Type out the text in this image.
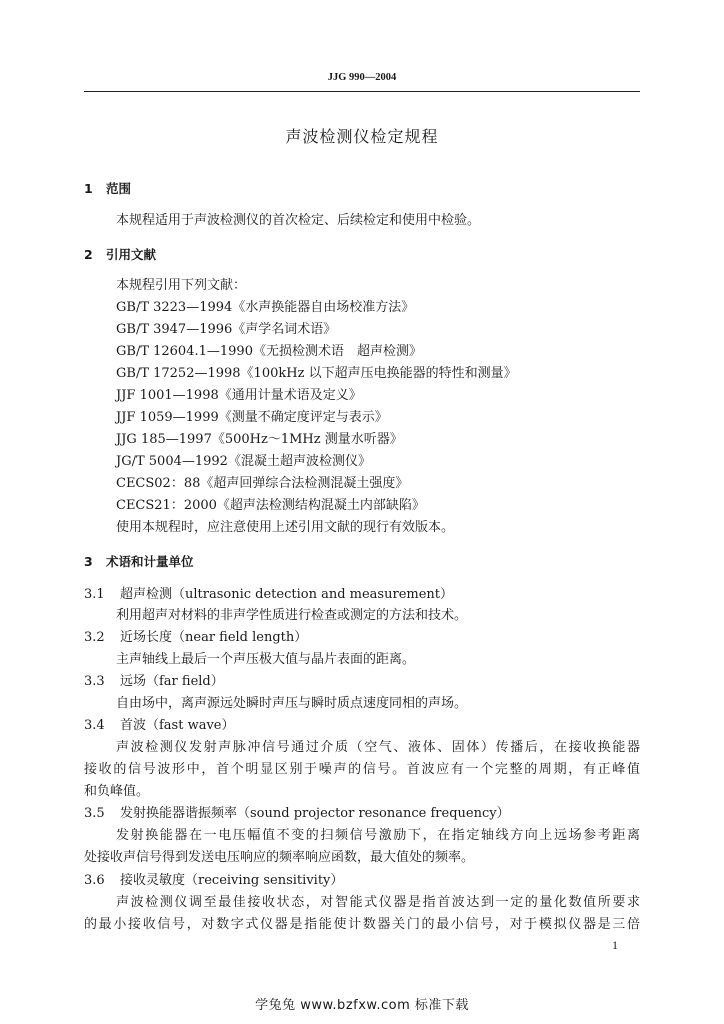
JJG 990—2004
声波检测仪检定规程
1 范围
本规程适用于声波检测仪的首次检定、后续检定和使用中检验。
2 引用文献
本规程引用下列文献：
GB/T 3223—1994《水声换能器自由场校准方法》
GB/T 3947—1996《声学名词术语》
GB/T 12604.1—1990《无损检测术语　超声检测》
GB/T 17252—1998《100kHz 以下超声压电换能器的特性和测量》
JJF 1001—1998《通用计量术语及定义》
JJF 1059—1999《测量不确定度评定与表示》
JJG 185—1997《500Hz～1MHz 测量水听器》
JG/T 5004—1992《混凝土超声波检测仪》
CECS02：88《超声回弹综合法检测混凝土强度》
CECS21：2000《超声法检测结构混凝土内部缺陷》
使用本规程时，应注意使用上述引用文献的现行有效版本。
3 术语和计量单位
3.1 超声检测（ultrasonic detection and measurement）
利用超声对材料的非声学性质进行检查或测定的方法和技术。
3.2 近场长度（near field length）
主声轴线上最后一个声压极大值与晶片表面的距离。
3.3 远场（far field）
自由场中，离声源远处瞬时声压与瞬时质点速度同相的声场。
3.4 首波（fast wave）
声波检测仪发射声脉冲信号通过介质（空气、液体、固体）传播后，在接收换能器
接收的信号波形中，首个明显区别于噪声的信号。首波应有一个完整的周期，有正峰值
和负峰值。
3.5 发射换能器谐振频率（sound projector resonance frequency）
发射换能器在一电压幅值不变的扫频信号激励下，在指定轴线方向上远场参考距离
处接收声信号得到发送电压响应的频率响应函数，最大值处的频率。
3.6 接收灵敏度（receiving sensitivity）
声波检测仪调至最佳接收状态，对智能式仪器是指首波达到一定的量化数值所要求
的最小接收信号，对数字式仪器是指能使计数器关门的最小信号，对于模拟仪器是三倍
1
学兔兔 www.bzfxw.com 标准下载
